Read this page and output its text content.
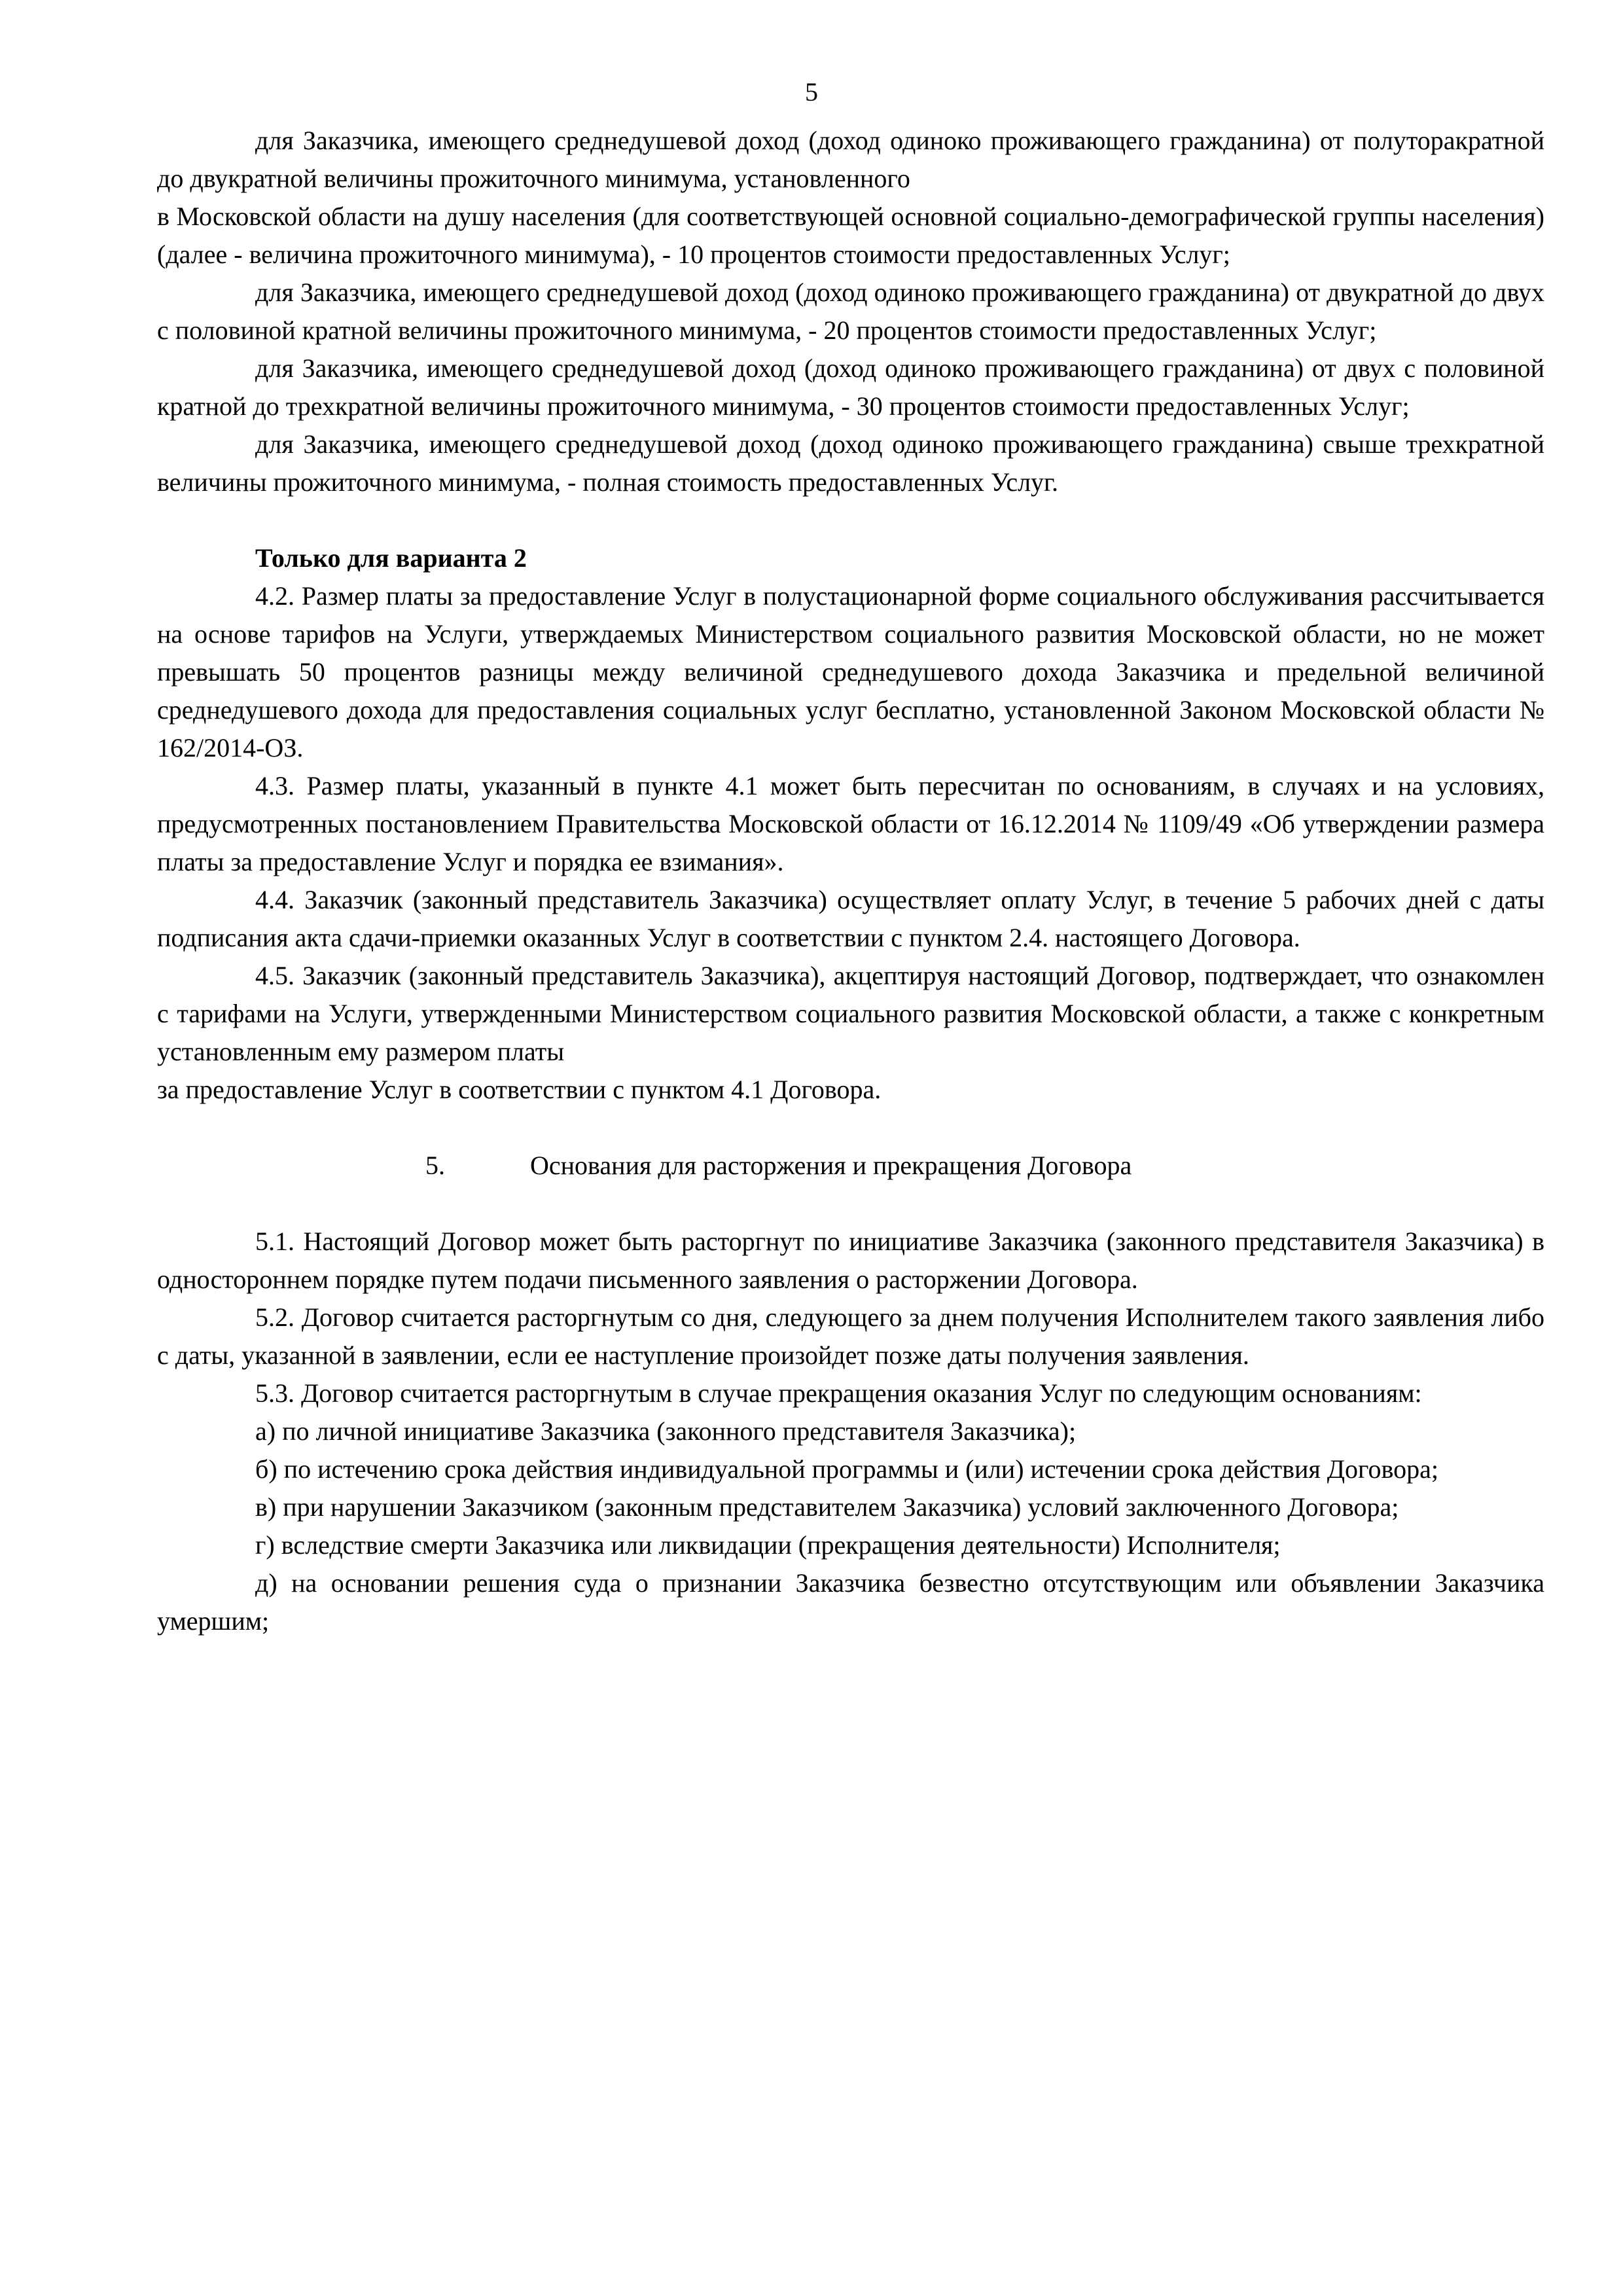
5

для Заказчика, имеющего среднедушевой доход (доход одиноко проживающего гражданина) от полуторакратной до двукратной величины прожиточного минимума, установленного

в Московской области на душу населения (для соответствующей основной социально-демографической группы населения) (далее - величина прожиточного минимума), - 10 процентов стоимости предоставленных Услуг;

для Заказчика, имеющего среднедушевой доход (доход одиноко проживающего гражданина) от двукратной до двух с половиной кратной величины прожиточного минимума, - 20 процентов стоимости предоставленных Услуг;

для Заказчика, имеющего среднедушевой доход (доход одиноко проживающего гражданина) от двух с половиной кратной до трехкратной величины прожиточного минимума, - 30 процентов стоимости предоставленных Услуг;

для Заказчика, имеющего среднедушевой доход (доход одиноко проживающего гражданина) свыше трехкратной величины прожиточного минимума, - полная стоимость предоставленных Услуг.

Только для варианта 2

4.2. Размер платы за предоставление Услуг в полустационарной форме социального обслуживания рассчитывается на основе тарифов на Услуги, утверждаемых Министерством социального развития Московской области, но не может превышать 50 процентов разницы между величиной среднедушевого дохода Заказчика и предельной величиной среднедушевого дохода для предоставления социальных услуг бесплатно, установленной Законом Московской области № 162/2014-ОЗ.

4.3. Размер платы, указанный в пункте 4.1 может быть пересчитан по основаниям, в случаях и на условиях, предусмотренных постановлением Правительства Московской области от 16.12.2014 № 1109/49 «Об утверждении размера платы за предоставление Услуг и порядка ее взимания».

4.4. Заказчик (законный представитель Заказчика) осуществляет оплату Услуг, в течение 5 рабочих дней с даты подписания акта сдачи-приемки оказанных Услуг в соответствии с пунктом 2.4. настоящего Договора.

4.5. Заказчик (законный представитель Заказчика), акцептируя настоящий Договор, подтверждает, что ознакомлен с тарифами на Услуги, утвержденными Министерством социального развития Московской области, а также с конкретным установленным ему размером платы

за предоставление Услуг в соответствии с пунктом 4.1 Договора.

5.	Основания для расторжения и прекращения Договора

5.1. Настоящий Договор может быть расторгнут по инициативе Заказчика (законного представителя Заказчика) в одностороннем порядке путем подачи письменного заявления о расторжении Договора.

5.2. Договор считается расторгнутым со дня, следующего за днем получения Исполнителем такого заявления либо с даты, указанной в заявлении, если ее наступление произойдет позже даты получения заявления.

5.3. Договор считается расторгнутым в случае прекращения оказания Услуг по следующим основаниям:

а) по личной инициативе Заказчика (законного представителя Заказчика);

б) по истечению срока действия индивидуальной программы и (или) истечении срока действия Договора;

в) при нарушении Заказчиком (законным представителем Заказчика) условий заключенного Договора;

г) вследствие смерти Заказчика или ликвидации (прекращения деятельности) Исполнителя;

д) на основании решения суда о признании Заказчика безвестно отсутствующим или объявлении Заказчика умершим;
